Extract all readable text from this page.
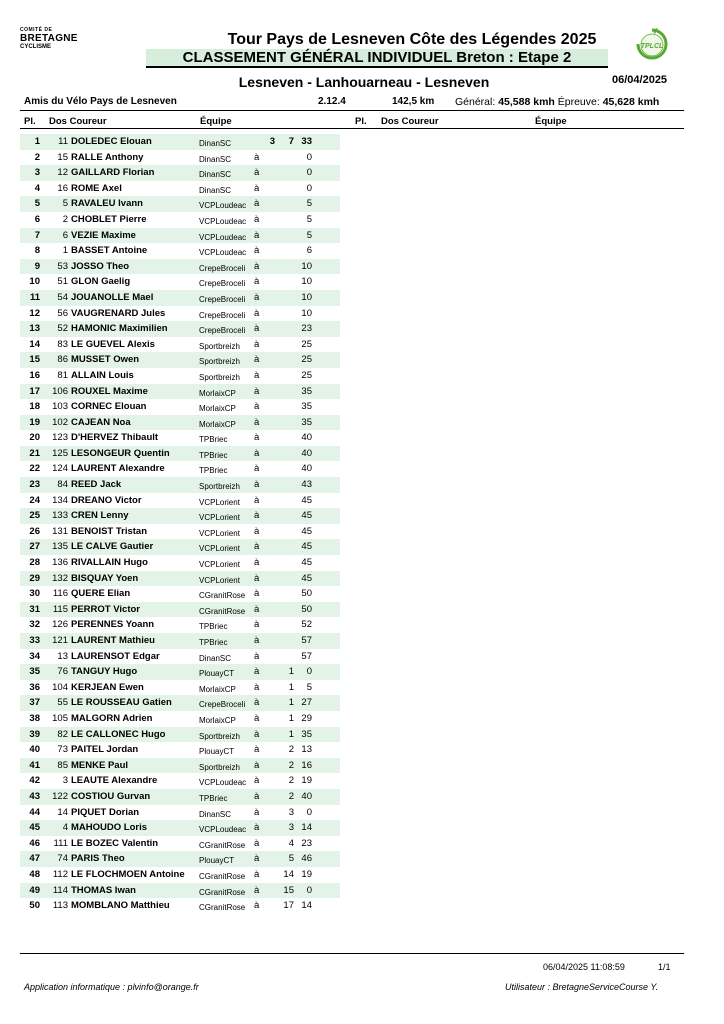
COMITÉ DE
BRETAGNE
CYCLISME	TPLCL
Tour Pays de Lesneven Côte des Légendes 2025
CLASSEMENT GÉNÉRAL INDIVIDUEL Breton : Etape 2
Lesneven - Lanhouarneau - Lesneven	06/04/2025
Amis du Vélo Pays de Lesneven	2.12.4	142,5 km Général: 45,588 kmh Épreuve: 45,628 kmh
Pl. Dos Coureur	Équipe	Pl. Dos Coureur	Équipe
1	11 DOLEDEC Elouan	DinanSC	3	7 33
2	15 RALLE Anthony	DinanSC	à	0
3	12 GAILLARD Florian	DinanSC	à	0
4	16 ROME Axel	DinanSC	à	0
5	5 RAVALEU Ivann	VCPLoudeac à	5
6	2 CHOBLET Pierre	VCPLoudeac à	5
7	6 VEZIE Maxime	VCPLoudeac à	5
8	1 BASSET Antoine	VCPLoudeac à	6
9	53 JOSSO Theo	CrepeBroceli à	10
10	51 GLON Gaelig	CrepeBroceli à	10
11	54 JOUANOLLE Mael	CrepeBroceli à	10
12	56 VAUGRENARD Jules	CrepeBroceli à	10
13	52 HAMONIC Maximilien	CrepeBroceli à	23
14	83 LE GUEVEL Alexis	Sportbreizh	à	25
15	86 MUSSET Owen	Sportbreizh	à	25
16	81 ALLAIN Louis	Sportbreizh	à	25
17	106 ROUXEL Maxime	MorlaixCP	à	35
18	103 CORNEC Elouan	MorlaixCP	à	35
19	102 CAJEAN Noa	MorlaixCP	à	35
20	123 D'HERVEZ Thibault	TPBriec	à	40
21	125 LESONGEUR Quentin	TPBriec	à	40
22	124 LAURENT Alexandre	TPBriec	à	40
23	84 REED Jack	Sportbreizh	à	43
24	134 DREANO Victor	VCPLorient	à	45
25	133 CREN Lenny	VCPLorient	à	45
26	131 BENOIST Tristan	VCPLorient	à	45
27	135 LE CALVE Gautier	VCPLorient	à	45
28	136 RIVALLAIN Hugo	VCPLorient	à	45
29	132 BISQUAY Yoen	VCPLorient	à	45
30	116 QUERE Elian	CGranitRose à	50
31	115 PERROT Victor	CGranitRose à	50
32	126 PERENNES Yoann	TPBriec	à	52
33	121 LAURENT Mathieu	TPBriec	à	57
34	13 LAURENSOT Edgar	DinanSC	à	57
35	76 TANGUY Hugo	PlouayCT	à	1	0
36	104 KERJEAN Ewen	MorlaixCP	à	1	5
37	55 LE ROUSSEAU Gatien	CrepeBroceli à	1 27
38	105 MALGORN Adrien	MorlaixCP	à	1 29
39	82 LE CALLONEC Hugo	Sportbreizh	à	1 35
40	73 PAITEL Jordan	PlouayCT	à	2 13
41	85 MENKE Paul	Sportbreizh	à	2 16
42	3 LEAUTE Alexandre	VCPLoudeac à	2 19
43	122 COSTIOU Gurvan	TPBriec	à	2 40
44	14 PIQUET Dorian	DinanSC	à	3	0
45	4 MAHOUDO Loris	VCPLoudeac à	3 14
46	111 LE BOZEC Valentin	CGranitRose à	4 23
47	74 PARIS Theo	PlouayCT	à	5 46
48	112 LE FLOCHMOEN Antoine	CGranitRose à	14 19
49	114 THOMAS Iwan	CGranitRose à	15	0
50	113 MOMBLANO Matthieu	CGranitRose à	17 14
06/04/2025 11:08:59	1/1
Application informatique : plvinfo@orange.fr	Utilisateur : BretagneServiceCourse Y.
